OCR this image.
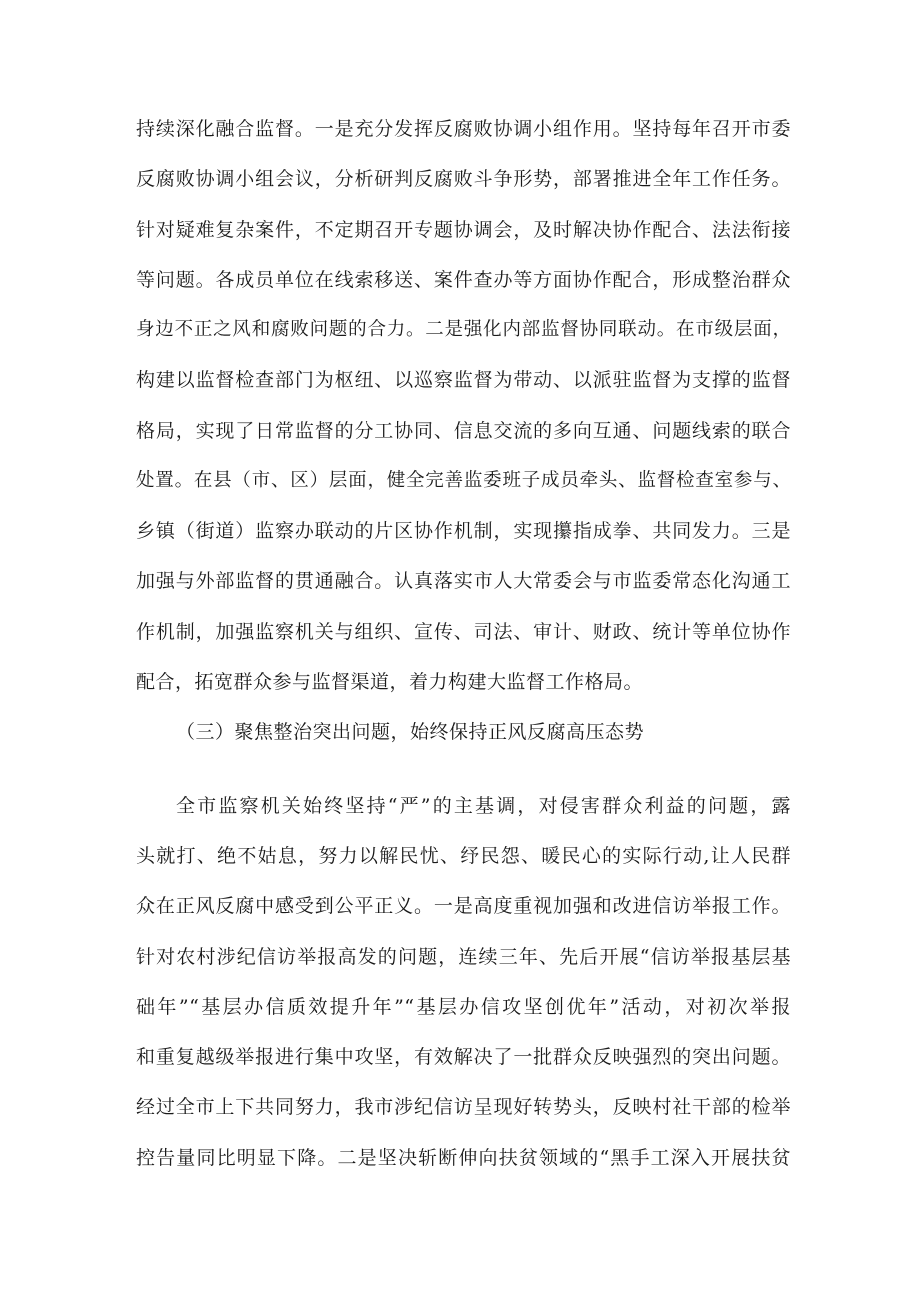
持续深化融合监督。一是充分发挥反腐败协调小组作用。坚持每年召开市委
反腐败协调小组会议，分析研判反腐败斗争形势，部署推进全年工作任务。
针对疑难复杂案件，不定期召开专题协调会，及时解决协作配合、法法衔接
等问题。各成员单位在线索移送、案件查办等方面协作配合，形成整治群众
身边不正之风和腐败问题的合力。二是强化内部监督协同联动。在市级层面，
构建以监督检查部门为枢纽、以巡察监督为带动、以派驻监督为支撑的监督
格局，实现了日常监督的分工协同、信息交流的多向互通、问题线索的联合
处置。在县（市、区）层面，健全完善监委班子成员牵头、监督检查室参与、
乡镇（街道）监察办联动的片区协作机制，实现攥指成拳、共同发力。三是
加强与外部监督的贯通融合。认真落实市人大常委会与市监委常态化沟通工
作机制，加强监察机关与组织、宣传、司法、审计、财政、统计等单位协作
配合，拓宽群众参与监督渠道，着力构建大监督工作格局。
（三）聚焦整治突出问题，始终保持正风反腐高压态势
全市监察机关始终坚持“严”的主基调，对侵害群众利益的问题，露
头就打、绝不姑息，努力以解民忧、纾民怨、暖民心的实际行动,让人民群
众在正风反腐中感受到公平正义。一是高度重视加强和改进信访举报工作。
针对农村涉纪信访举报高发的问题，连续三年、先后开展“信访举报基层基
础年”“基层办信质效提升年”“基层办信攻坚创优年”活动，对初次举报
和重复越级举报进行集中攻坚，有效解决了一批群众反映强烈的突出问题。
经过全市上下共同努力，我市涉纪信访呈现好转势头，反映村社干部的检举
控告量同比明显下降。二是坚决斩断伸向扶贫领域的“黑手工深入开展扶贫
